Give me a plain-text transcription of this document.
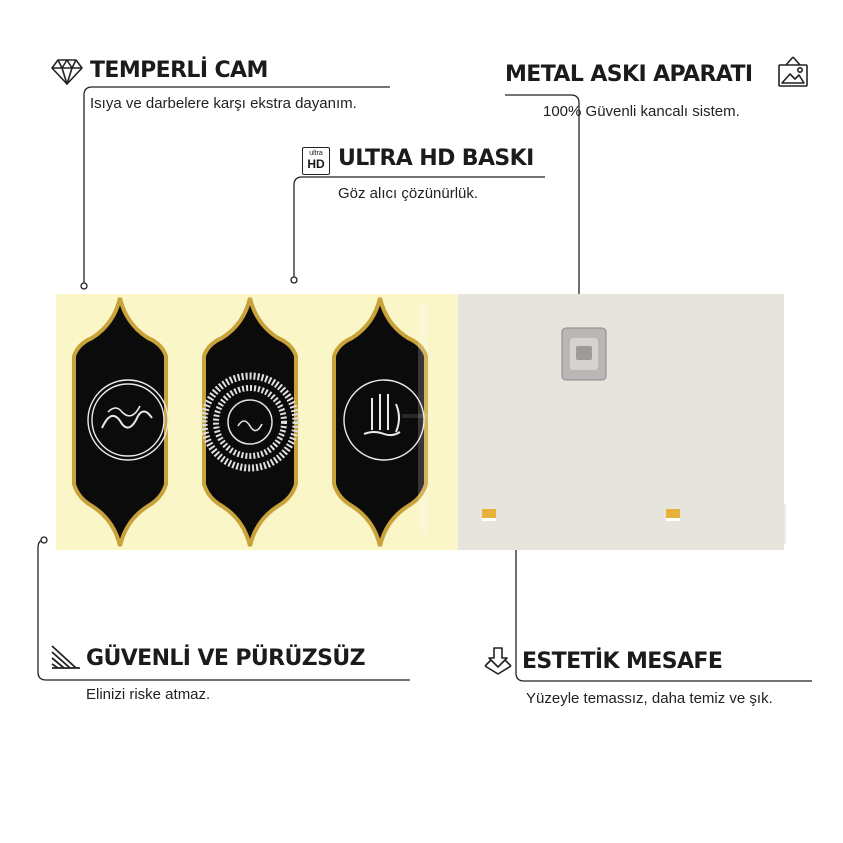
TEMPERLİ CAM
Isıya ve darbelere karşı ekstra dayanım.
METAL ASKI APARATI
100% Güvenli kancalı sistem.
ultra
HD ULTRA HD BASKI
Göz alıcı çözünürlük.
GÜVENLİ VE PÜRÜZSÜZ
Elinizi riske atmaz.
ESTETİK MESAFE
Yüzeyle temassız, daha temiz ve şık.
